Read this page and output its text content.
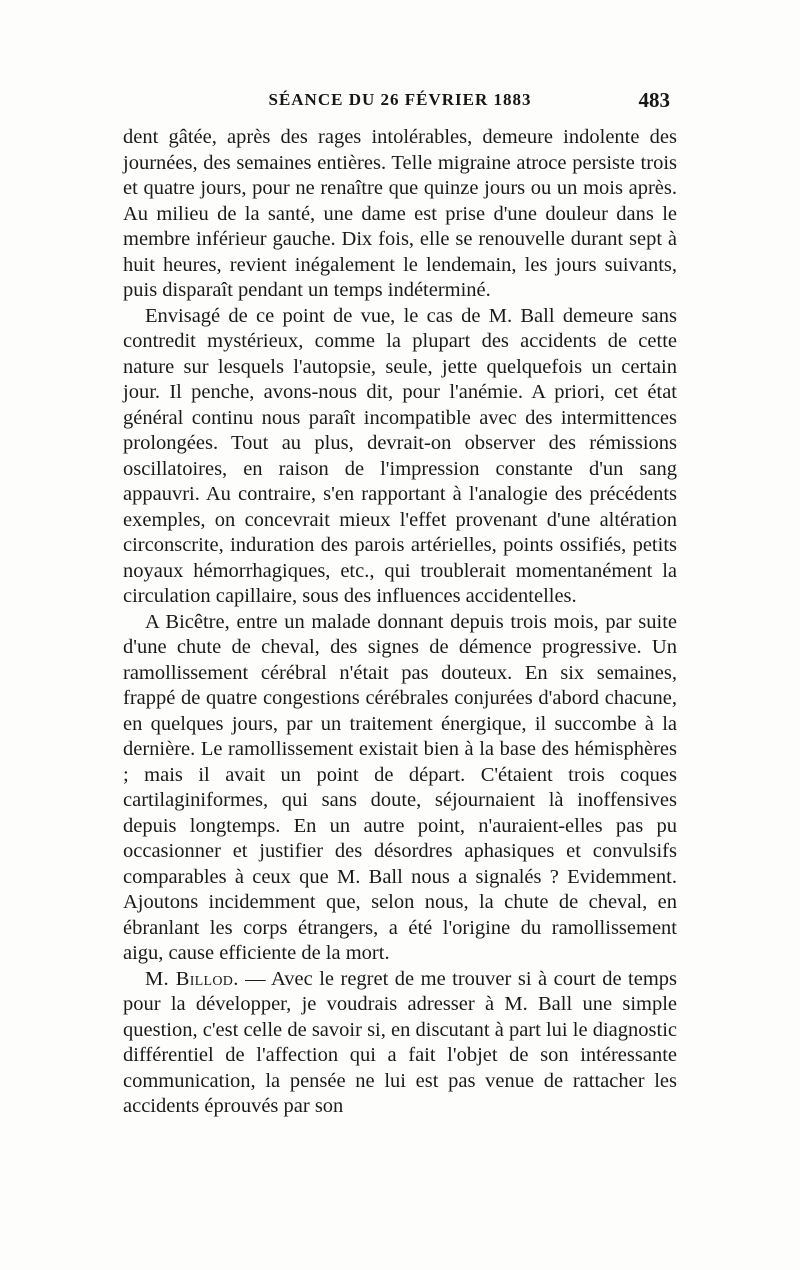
SÉANCE DU 26 FÉVRIER 1883	483

dent gâtée, après des rages intolérables, demeure indolente des journées, des semaines entières. Telle migraine atroce persiste trois et quatre jours, pour ne renaître que quinze jours ou un mois après. Au milieu de la santé, une dame est prise d'une douleur dans le membre inférieur gauche. Dix fois, elle se renouvelle durant sept à huit heures, revient inégalement le lendemain, les jours suivants, puis disparaît pendant un temps indéterminé.

Envisagé de ce point de vue, le cas de M. Ball demeure sans contredit mystérieux, comme la plupart des accidents de cette nature sur lesquels l'autopsie, seule, jette quelquefois un certain jour. Il penche, avons-nous dit, pour l'anémie. A priori, cet état général continu nous paraît incompatible avec des intermittences prolongées. Tout au plus, devrait-on observer des rémissions oscillatoires, en raison de l'impression constante d'un sang appauvri. Au contraire, s'en rapportant à l'analogie des précédents exemples, on concevrait mieux l'effet provenant d'une altération circonscrite, induration des parois artérielles, points ossifiés, petits noyaux hémorrhagiques, etc., qui troublerait momentanément la circulation capillaire, sous des influences accidentelles.

A Bicêtre, entre un malade donnant depuis trois mois, par suite d'une chute de cheval, des signes de démence progressive. Un ramollissement cérébral n'était pas douteux. En six semaines, frappé de quatre congestions cérébrales conjurées d'abord chacune, en quelques jours, par un traitement énergique, il succombe à la dernière. Le ramollissement existait bien à la base des hémisphères ; mais il avait un point de départ. C'étaient trois coques cartilaginiformes, qui sans doute, séjournaient là inoffensives depuis longtemps. En un autre point, n'auraient-elles pas pu occasionner et justifier des désordres aphasiques et convulsifs comparables à ceux que M. Ball nous a signalés ? Evidemment. Ajoutons incidemment que, selon nous, la chute de cheval, en ébranlant les corps étrangers, a été l'origine du ramollissement aigu, cause efficiente de la mort.

M. Billod. — Avec le regret de me trouver si à court de temps pour la développer, je voudrais adresser à M. Ball une simple question, c'est celle de savoir si, en discutant à part lui le diagnostic différentiel de l'affection qui a fait l'objet de son intéressante communication, la pensée ne lui est pas venue de rattacher les accidents éprouvés par son
